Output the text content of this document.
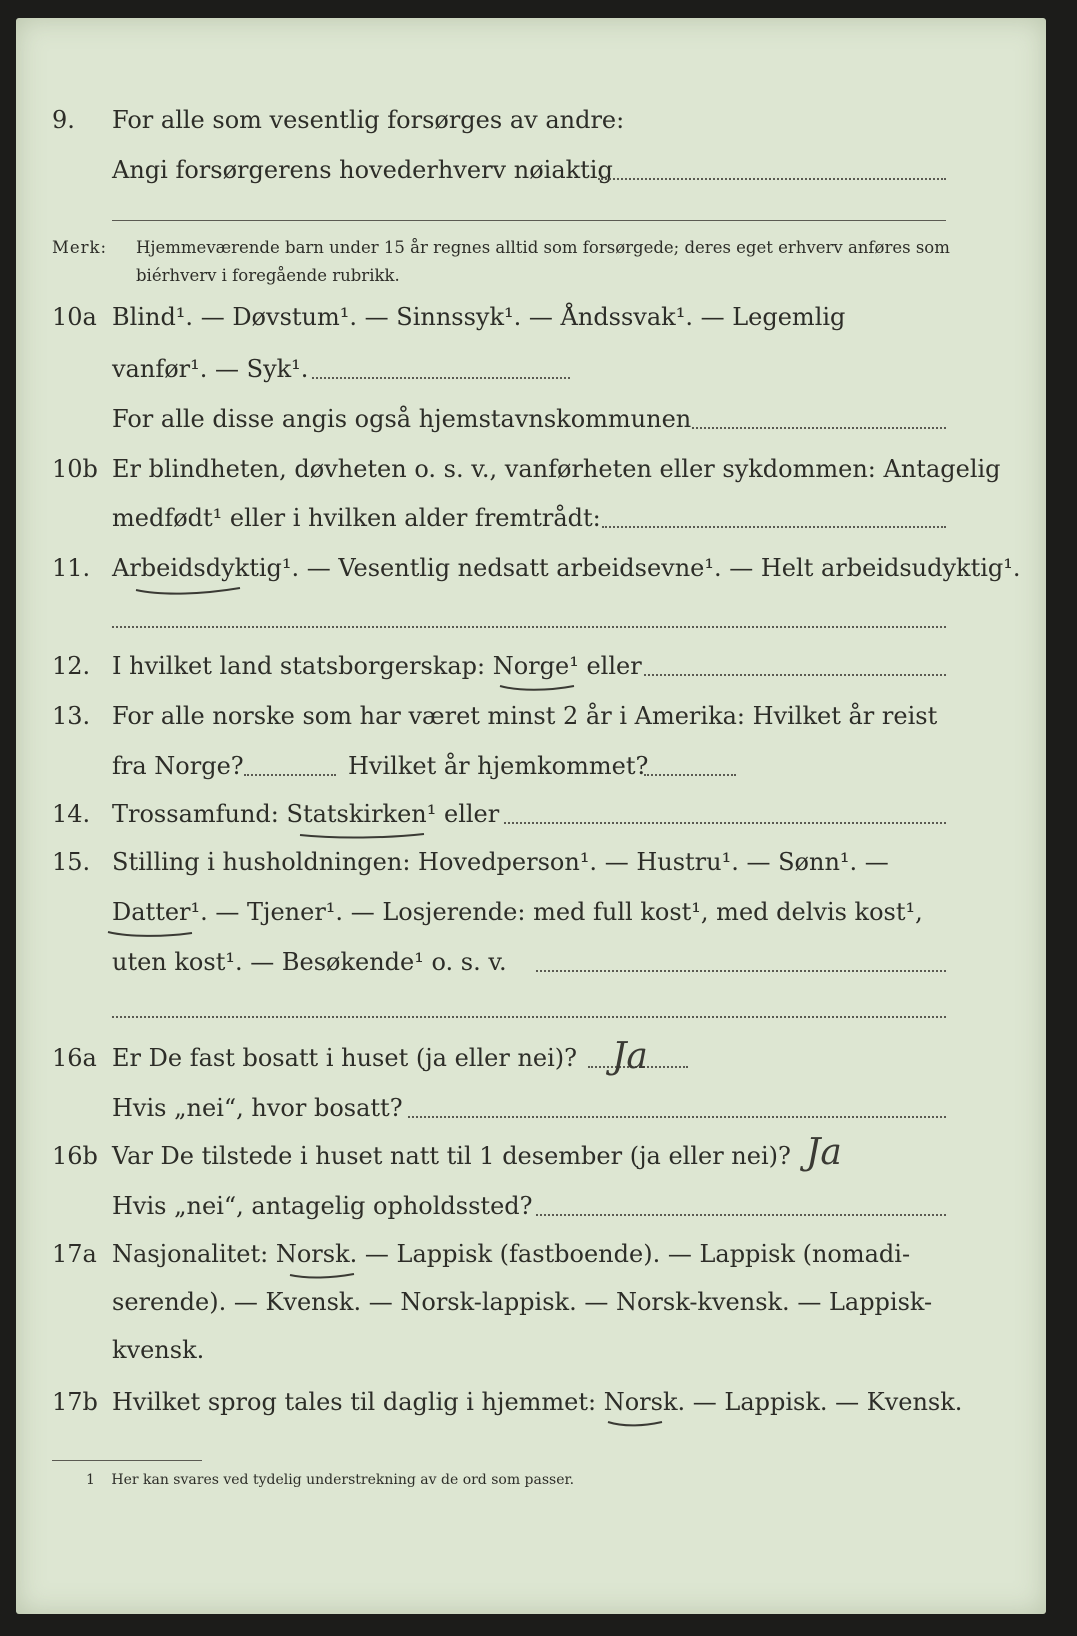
9. For alle som vesentlig forsørges av andre:
Angi forsørgerens hovederhverv nøiaktig
Merk: Hjemmeværende barn under 15 år regnes alltid som forsørgede; deres eget erhverv anføres som biérhverv i foregående rubrikk.
10a Blind¹. — Døvstum¹. — Sinnssyk¹. — Åndssvak¹. — Legemlig
vanfør¹. — Syk¹.
For alle disse angis også hjemstavnskommunen
10b Er blindheten, døvheten o. s. v., vanførheten eller sykdommen: Antagelig
medfødt¹ eller i hvilken alder fremtrådt:
11. Arbeidsdyktig¹. — Vesentlig nedsatt arbeidsevne¹. — Helt arbeidsudyktig¹.
12. I hvilket land statsborgerskap: Norge¹ eller
13. For alle norske som har været minst 2 år i Amerika: Hvilket år reist
fra Norge?	Hvilket år hjemkommet?
14. Trossamfund: Statskirken¹ eller
15. Stilling i husholdningen: Hovedperson¹. — Hustru¹. — Sønn¹. —
Datter¹. — Tjener¹. — Losjerende: med full kost¹, med delvis kost¹,
uten kost¹. — Besøkende¹ o. s. v.
16a Er De fast bosatt i huset (ja eller nei)? Ja
Hvis „nei“, hvor bosatt?
16b Var De tilstede i huset natt til 1 desember (ja eller nei)? Ja
Hvis „nei“, antagelig opholdssted?
17a Nasjonalitet: Norsk. — Lappisk (fastboende). — Lappisk (nomadi-
serende). — Kvensk. — Norsk-lappisk. — Norsk-kvensk. — Lappisk-
kvensk.
17b Hvilket sprog tales til daglig i hjemmet: Norsk. — Lappisk. — Kvensk.
1 Her kan svares ved tydelig understrekning av de ord som passer.
